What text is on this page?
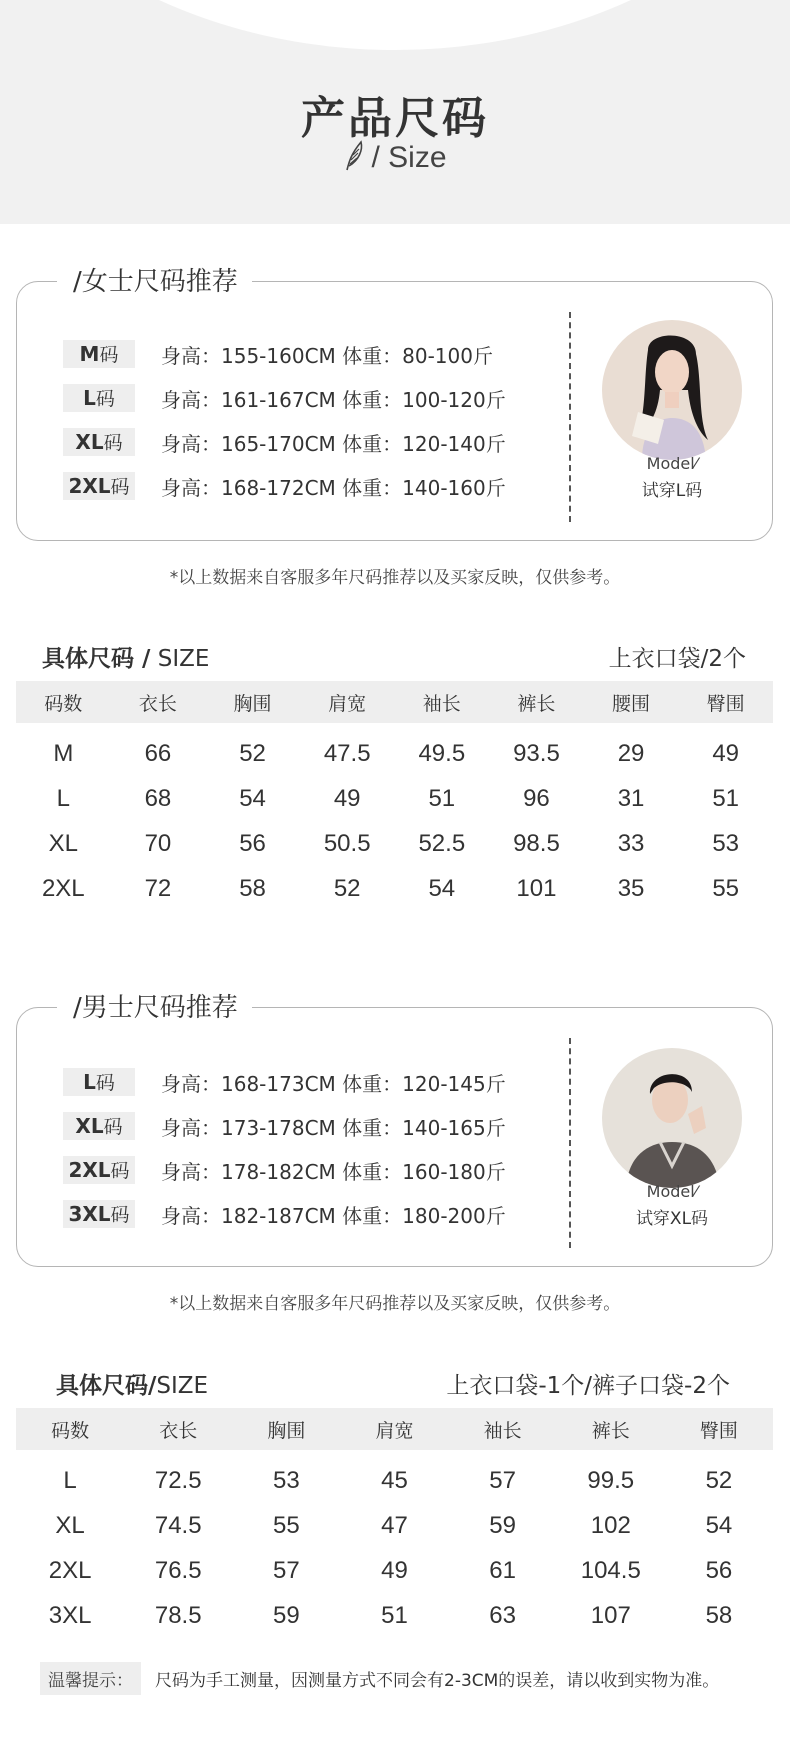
产品尺码
/ Size
/女士尺码推荐
M码	身高：155-160CM 体重：80-100斤
L码	身高：161-167CM 体重：100-120斤
XL码	身高：165-170CM 体重：120-140斤
2XL码 身高：168-172CM 体重：140-160斤
Model⁄
试穿L码
*以上数据来自客服多年尺码推荐以及买家反映，仅供参考。
具体尺码 / SIZE	上衣口袋/2个
码数	衣长	胸围	肩宽	袖长	裤长	腰围	臀围
M	66	52	47.5	49.5	93.5	29	49
L	68	54	49	51	96	31	51
XL	70	56	50.5	52.5	98.5	33	53
2XL	72	58	52	54	101	35	55
/男士尺码推荐
L码	身高：168-173CM 体重：120-145斤
XL码	身高：173-178CM 体重：140-165斤
2XL码 身高：178-182CM 体重：160-180斤
3XL码 身高：182-187CM 体重：180-200斤
Model⁄
试穿XL码
*以上数据来自客服多年尺码推荐以及买家反映，仅供参考。
具体尺码/SIZE	上衣口袋-1个/裤子口袋-2个
码数	衣长	胸围	肩宽	袖长	裤长	臀围
L	72.5	53	45	57	99.5	52
XL	74.5	55	47	59	102	54
2XL	76.5	57	49	61	104.5	56
3XL	78.5	59	51	63	107	58
温馨提示：	尺码为手工测量，因测量方式不同会有2-3CM的误差，请以收到实物为准。
